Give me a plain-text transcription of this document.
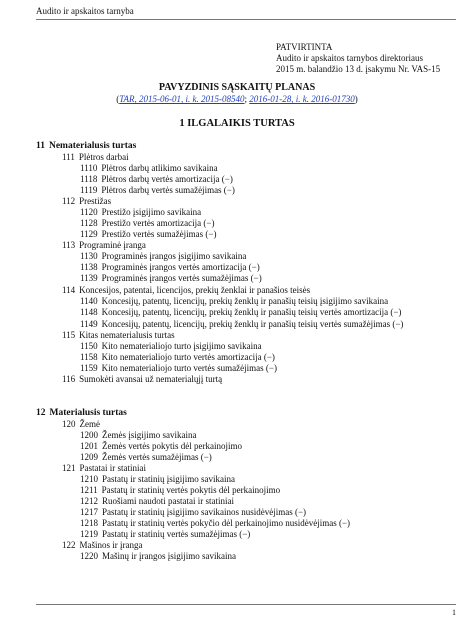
Audito ir apskaitos tarnyba
PATVIRTINTA
Audito ir apskaitos tarnybos direktoriaus
2015 m. balandžio 13 d. įsakymu Nr. VAS-15
PAVYZDINIS SĄSKAITŲ PLANAS
(TAR, 2015-06-01, i. k. 2015-08540; 2016-01-28, i. k. 2016-01730)
1 ILGALAIKIS TURTAS
11 Nematerialusis turtas
111 Plėtros darbai
1110 Plėtros darbų atlikimo savikaina
1118 Plėtros darbų vertės amortizacija (−)
1119 Plėtros darbų vertės sumažėjimas (−)
112 Prestižas
1120 Prestižo įsigijimo savikaina
1128 Prestižo vertės amortizacija (−)
1129 Prestižo vertės sumažėjimas (−)
113 Programinė įranga
1130 Programinės įrangos įsigijimo savikaina
1138 Programinės įrangos vertės amortizacija (−)
1139 Programinės įrangos vertės sumažėjimas (−)
114 Koncesijos, patentai, licencijos, prekių ženklai ir panašios teisės
1140 Koncesijų, patentų, licencijų, prekių ženklų ir panašių teisių įsigijimo savikaina
1148 Koncesijų, patentų, licencijų, prekių ženklų ir panašių teisių vertės amortizacija (−)
1149 Koncesijų, patentų, licencijų, prekių ženklų ir panašių teisių vertės sumažėjimas (−)
115 Kitas nematerialusis turtas
1150 Kito nematerialiojo turto įsigijimo savikaina
1158 Kito nematerialiojo turto vertės amortizacija (−)
1159 Kito nematerialiojo turto vertės sumažėjimas (−)
116 Sumokėti avansai už nematerialųjį turtą
12 Materialusis turtas
120 Žemė
1200 Žemės įsigijimo savikaina
1201 Žemės vertės pokytis dėl perkainojimo
1209 Žemės vertės sumažėjimas (−)
121 Pastatai ir statiniai
1210 Pastatų ir statinių įsigijimo savikaina
1211 Pastatų ir statinių vertės pokytis dėl perkainojimo
1212 Ruošiami naudoti pastatai ir statiniai
1217 Pastatų ir statinių įsigijimo savikainos nusidėvėjimas (−)
1218 Pastatų ir statinių vertės pokyčio dėl perkainojimo nusidėvėjimas (−)
1219 Pastatų ir statinių vertės sumažėjimas (−)
122 Mašinos ir įranga
1220 Mašinų ir įrangos įsigijimo savikaina
1
